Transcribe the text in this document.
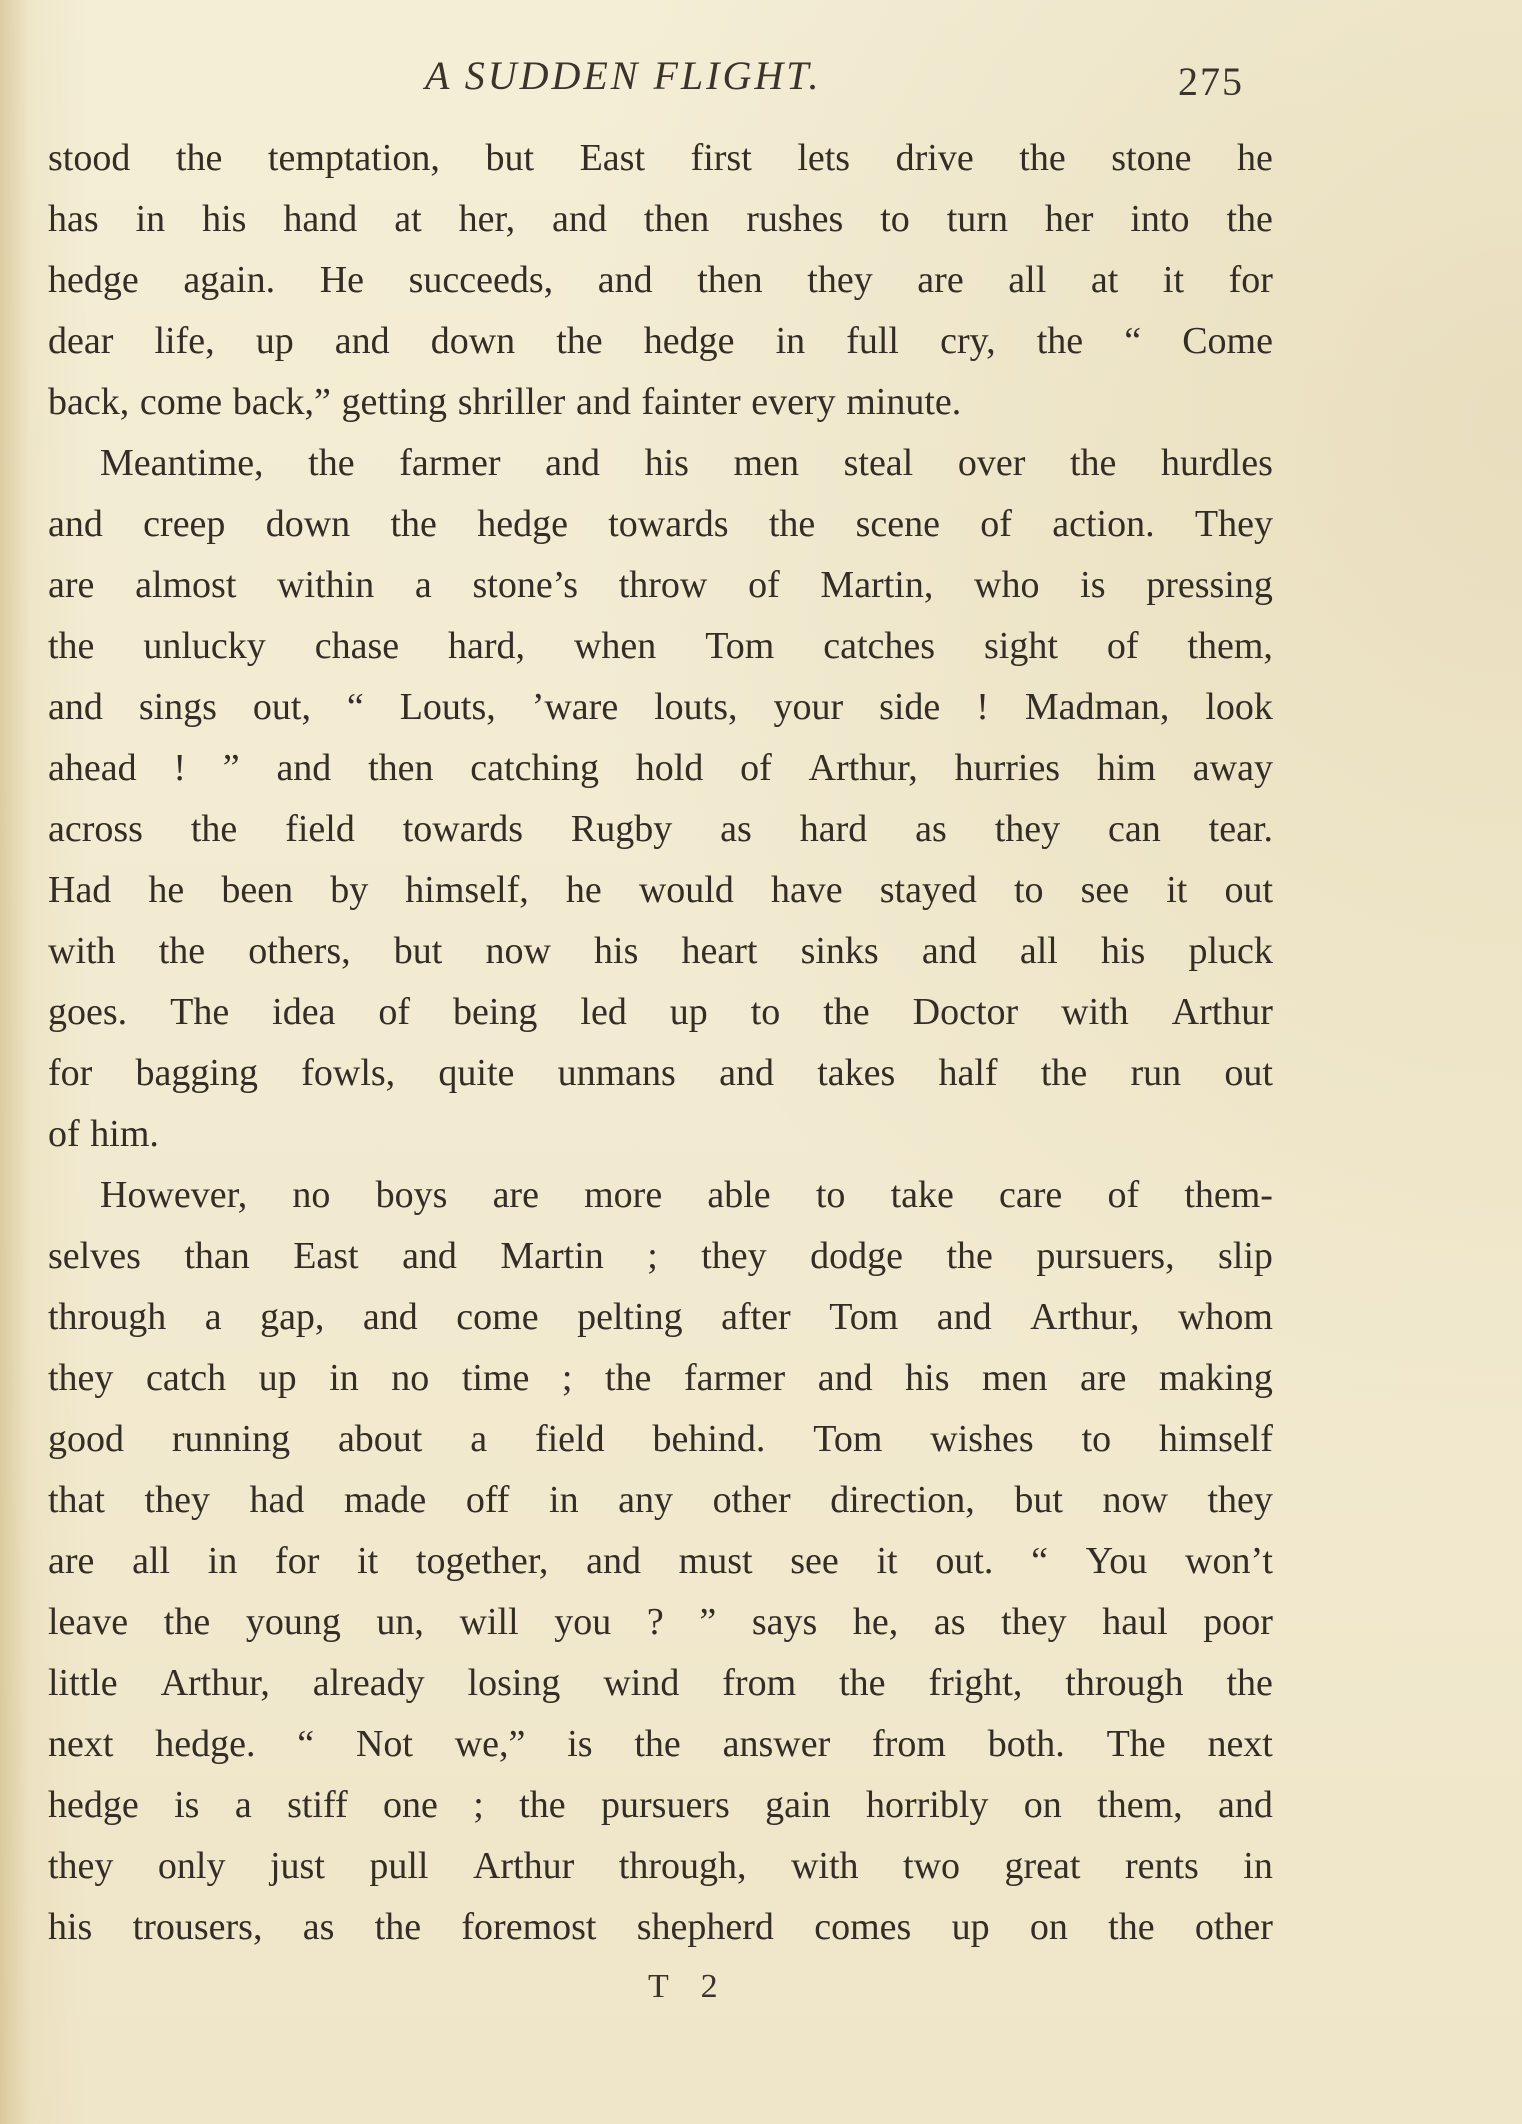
A SUDDEN FLIGHT.	275
stood the temptation, but East first lets drive the stone he
has in his hand at her, and then rushes to turn her into the
hedge again. He succeeds, and then they are all at it for
dear life, up and down the hedge in full cry, the “ Come
back, come back,” getting shriller and fainter every minute.
Meantime, the farmer and his men steal over the hurdles
and creep down the hedge towards the scene of action. They
are almost within a stone’s throw of Martin, who is pressing
the unlucky chase hard, when Tom catches sight of them,
and sings out, “ Louts, ’ware louts, your side ! Madman, look
ahead ! ” and then catching hold of Arthur, hurries him away
across the field towards Rugby as hard as they can tear.
Had he been by himself, he would have stayed to see it out
with the others, but now his heart sinks and all his pluck
goes. The idea of being led up to the Doctor with Arthur
for bagging fowls, quite unmans and takes half the run out
of him.
However, no boys are more able to take care of them-
selves than East and Martin ; they dodge the pursuers, slip
through a gap, and come pelting after Tom and Arthur, whom
they catch up in no time ; the farmer and his men are making
good running about a field behind. Tom wishes to himself
that they had made off in any other direction, but now they
are all in for it together, and must see it out. “ You won’t
leave the young un, will you ? ” says he, as they haul poor
little Arthur, already losing wind from the fright, through the
next hedge. “ Not we,” is the answer from both. The next
hedge is a stiff one ; the pursuers gain horribly on them, and
they only just pull Arthur through, with two great rents in
his trousers, as the foremost shepherd comes up on the other
T 2
